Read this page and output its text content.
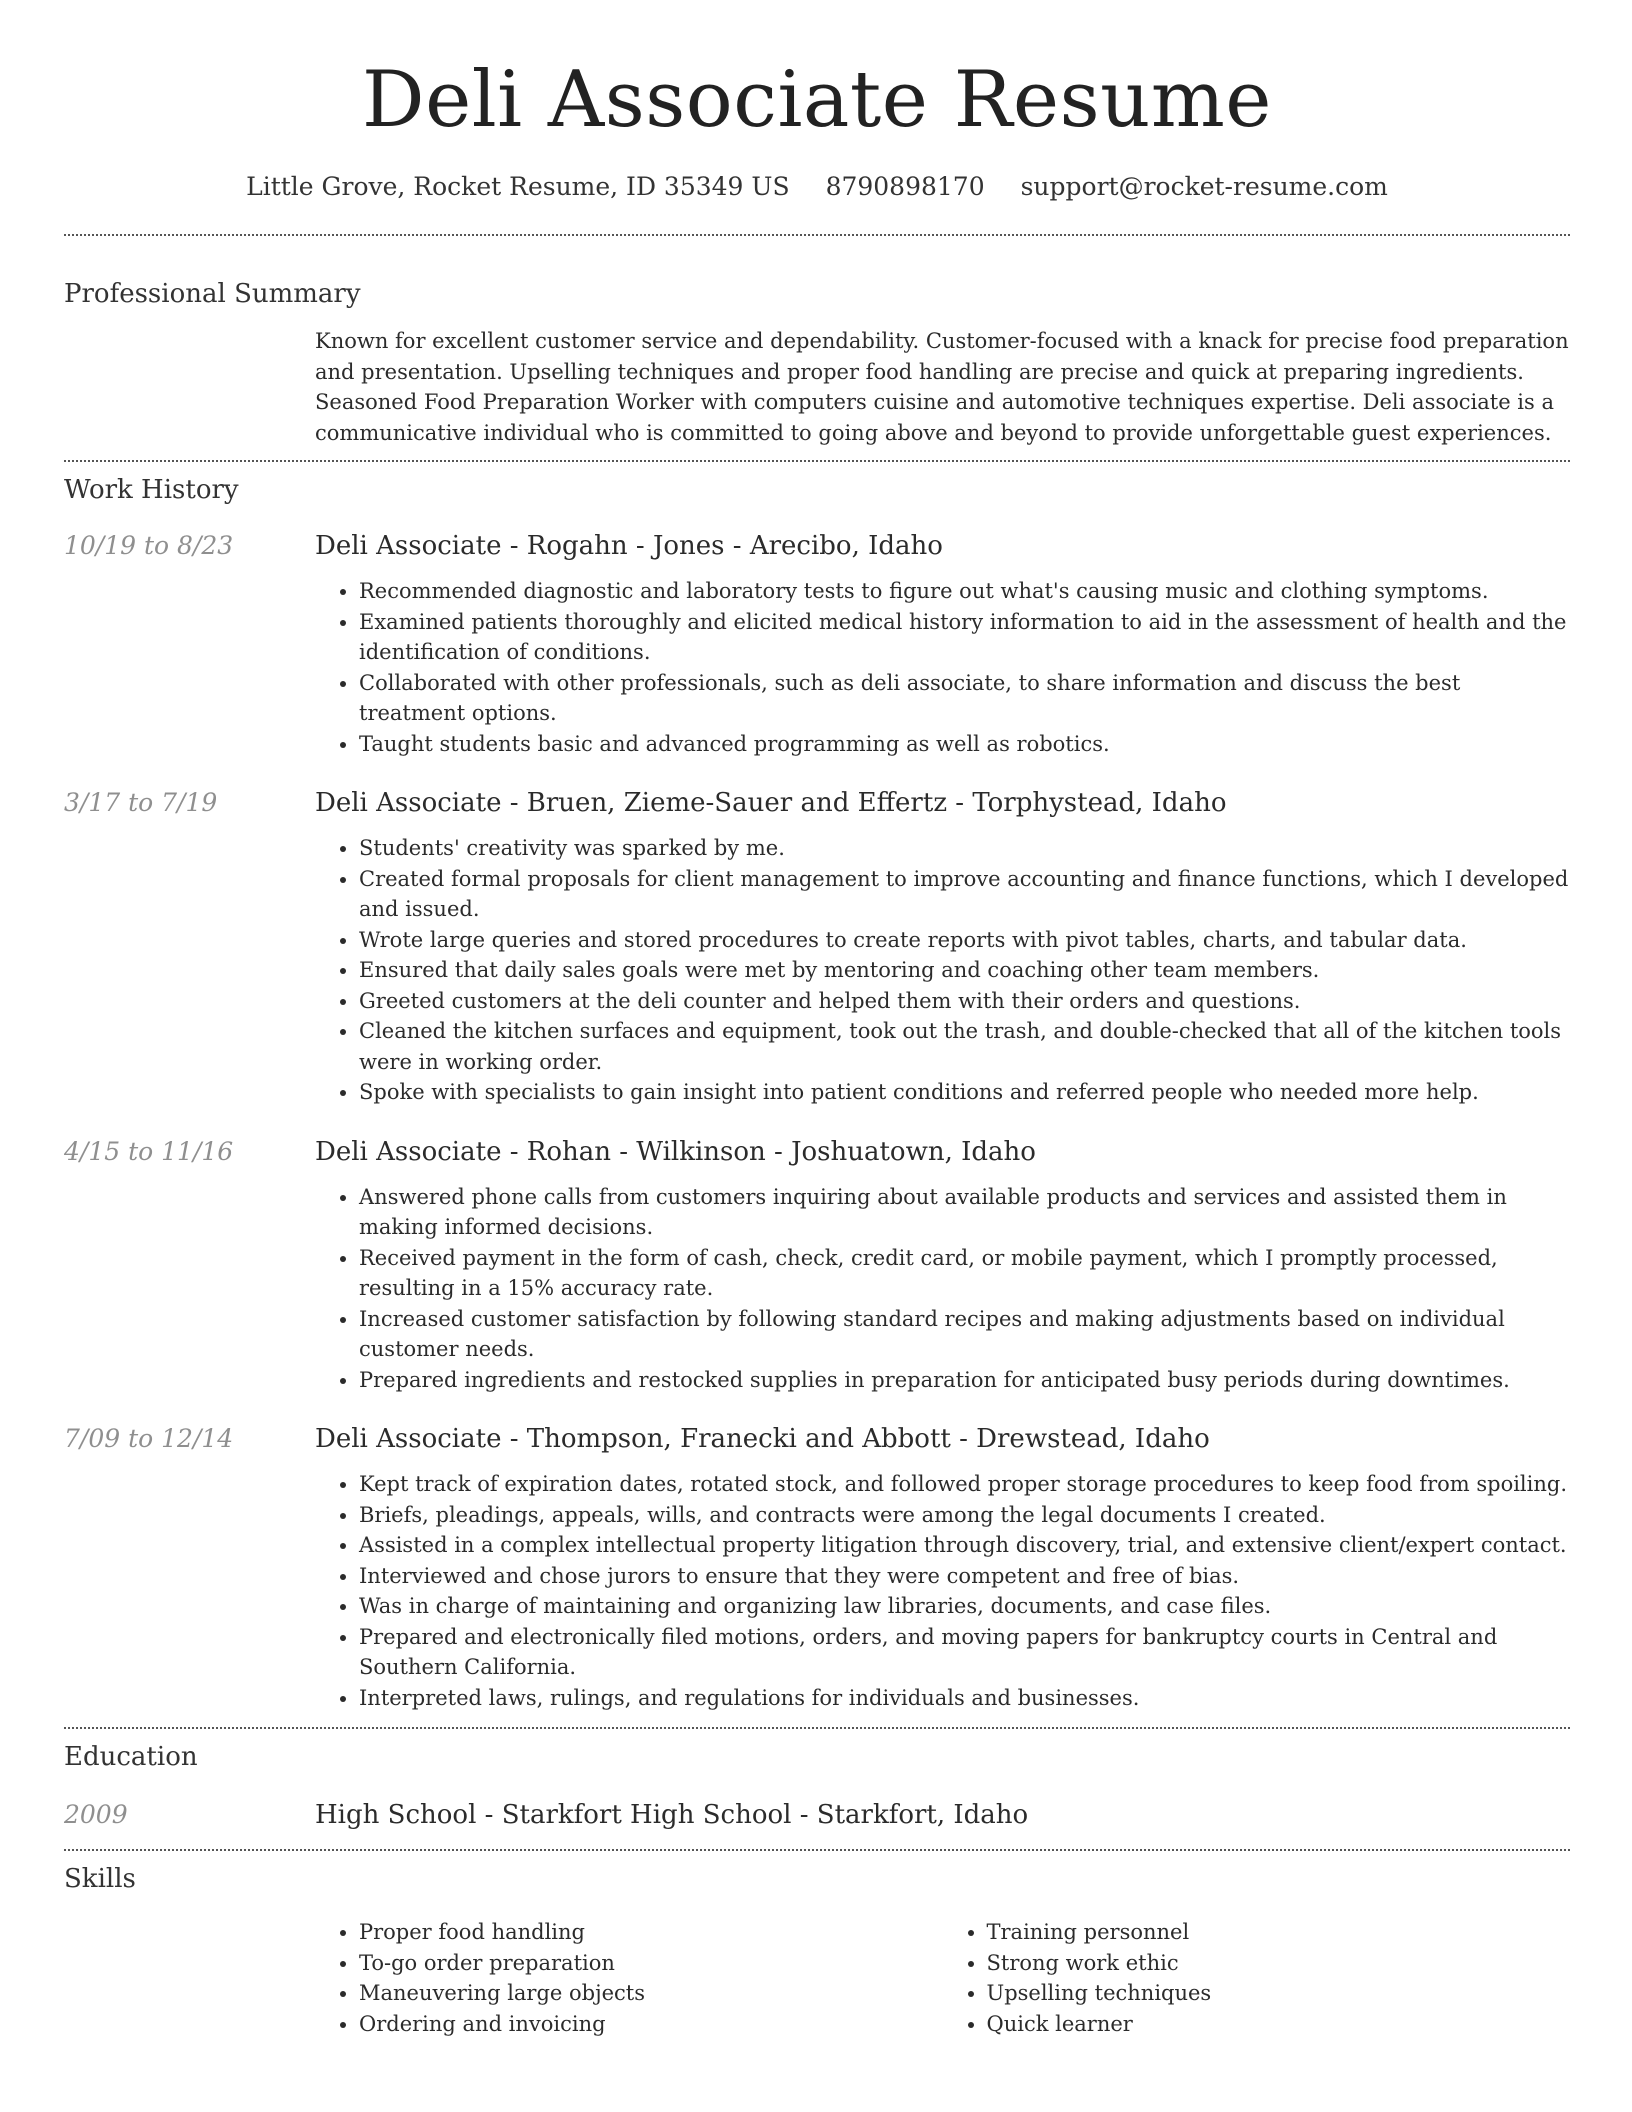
Deli Associate Resume
Little Grove, Rocket Resume, ID 35349 US 8790898170 support@rocket-resume.com
Professional Summary
Known for excellent customer service and dependability. Customer-focused with a knack for precise food preparation and presentation. Upselling techniques and proper food handling are precise and quick at preparing ingredients. Seasoned Food Preparation Worker with computers cuisine and automotive techniques expertise. Deli associate is a communicative individual who is committed to going above and beyond to provide unforgettable guest experiences.
Work History
10/19 to 8/23	Deli Associate - Rogahn - Jones - Arecibo, Idaho
• Recommended diagnostic and laboratory tests to figure out what's causing music and clothing symptoms.
• Examined patients thoroughly and elicited medical history information to aid in the assessment of health and the identification of conditions.
• Collaborated with other professionals, such as deli associate, to share information and discuss the best treatment options.
• Taught students basic and advanced programming as well as robotics.
3/17 to 7/19	Deli Associate - Bruen, Zieme-Sauer and Effertz - Torphystead, Idaho
• Students' creativity was sparked by me.
• Created formal proposals for client management to improve accounting and finance functions, which I developed and issued.
• Wrote large queries and stored procedures to create reports with pivot tables, charts, and tabular data.
• Ensured that daily sales goals were met by mentoring and coaching other team members.
• Greeted customers at the deli counter and helped them with their orders and questions.
• Cleaned the kitchen surfaces and equipment, took out the trash, and double-checked that all of the kitchen tools were in working order.
• Spoke with specialists to gain insight into patient conditions and referred people who needed more help.
4/15 to 11/16	Deli Associate - Rohan - Wilkinson - Joshuatown, Idaho
• Answered phone calls from customers inquiring about available products and services and assisted them in making informed decisions.
• Received payment in the form of cash, check, credit card, or mobile payment, which I promptly processed, resulting in a 15% accuracy rate.
• Increased customer satisfaction by following standard recipes and making adjustments based on individual customer needs.
• Prepared ingredients and restocked supplies in preparation for anticipated busy periods during downtimes.
7/09 to 12/14	Deli Associate - Thompson, Franecki and Abbott - Drewstead, Idaho
• Kept track of expiration dates, rotated stock, and followed proper storage procedures to keep food from spoiling.
• Briefs, pleadings, appeals, wills, and contracts were among the legal documents I created.
• Assisted in a complex intellectual property litigation through discovery, trial, and extensive client/expert contact.
• Interviewed and chose jurors to ensure that they were competent and free of bias.
• Was in charge of maintaining and organizing law libraries, documents, and case files.
• Prepared and electronically filed motions, orders, and moving papers for bankruptcy courts in Central and Southern California.
• Interpreted laws, rulings, and regulations for individuals and businesses.
Education
2009	High School - Starkfort High School - Starkfort, Idaho
Skills
• Proper food handling
• To-go order preparation
• Maneuvering large objects
• Ordering and invoicing
• Training personnel
• Strong work ethic
• Upselling techniques
• Quick learner
